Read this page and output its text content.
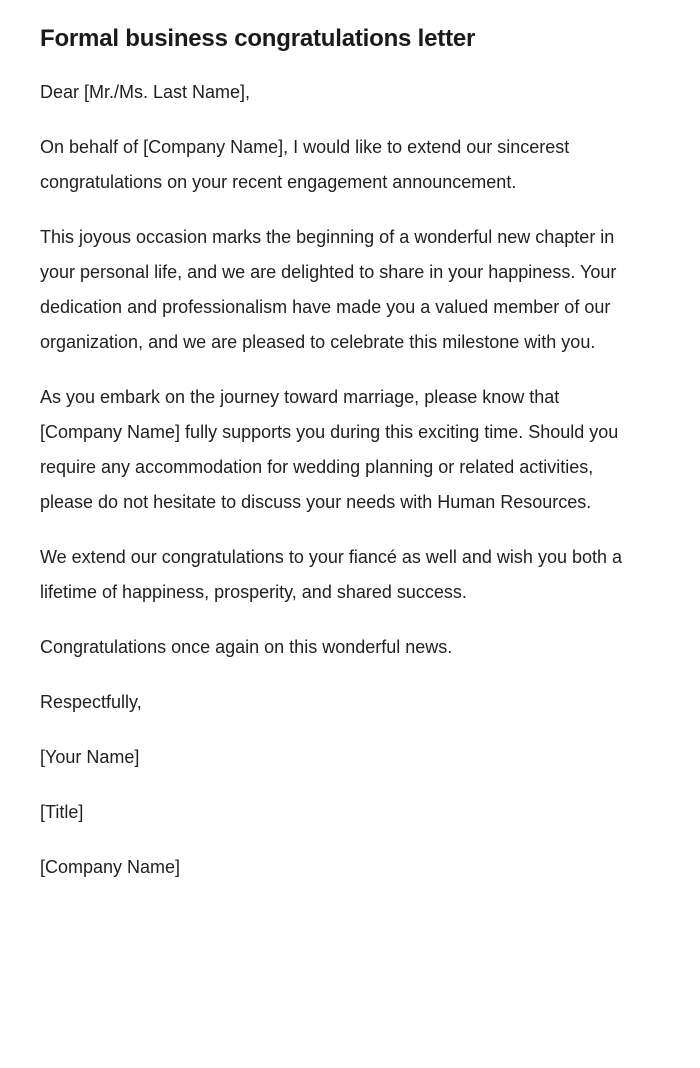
Formal business congratulations letter

Dear [Mr./Ms. Last Name],

On behalf of [Company Name], I would like to extend our sincerest congratulations on your recent engagement announcement.

This joyous occasion marks the beginning of a wonderful new chapter in your personal life, and we are delighted to share in your happiness. Your dedication and professionalism have made you a valued member of our organization, and we are pleased to celebrate this milestone with you.

As you embark on the journey toward marriage, please know that [Company Name] fully supports you during this exciting time. Should you require any accommodation for wedding planning or related activities, please do not hesitate to discuss your needs with Human Resources.

We extend our congratulations to your fiancé as well and wish you both a lifetime of happiness, prosperity, and shared success.

Congratulations once again on this wonderful news.

Respectfully,

[Your Name]

[Title]

[Company Name]
